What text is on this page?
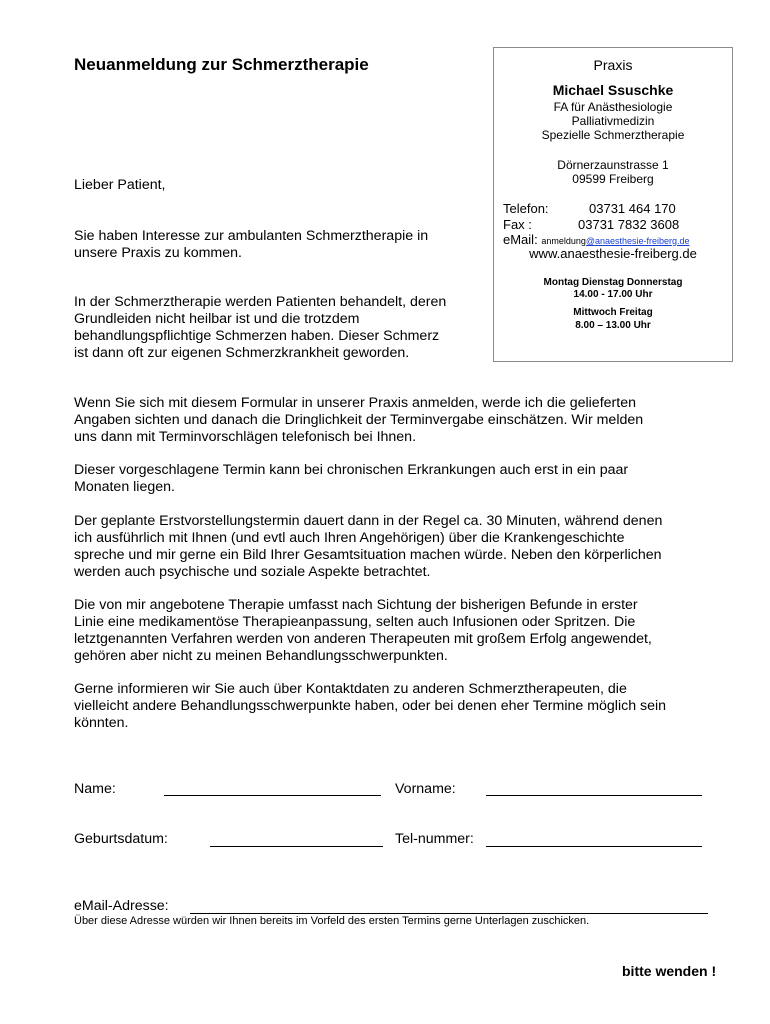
Neuanmeldung zur Schmerztherapie	Praxis
Michael Ssuschke
FA für Anästhesiologie
Palliativmedizin
Spezielle Schmerztherapie
Dörnerzaunstrasse 1
09599 Freiberg
Telefon:	03731 464 170
Fax :	03731 7832 3608
eMail: anmeldung@anaesthesie-freiberg.de
www.anaesthesie-freiberg.de
Montag Dienstag Donnerstag
14.00 - 17.00 Uhr
Mittwoch Freitag
8.00 – 13.00 Uhr
Lieber Patient,
Sie haben Interesse zur ambulanten Schmerztherapie in
unsere Praxis zu kommen.
In der Schmerztherapie werden Patienten behandelt, deren
Grundleiden nicht heilbar ist und die trotzdem
behandlungspflichtige Schmerzen haben. Dieser Schmerz
ist dann oft zur eigenen Schmerzkrankheit geworden.
Wenn Sie sich mit diesem Formular in unserer Praxis anmelden, werde ich die gelieferten
Angaben sichten und danach die Dringlichkeit der Terminvergabe einschätzen. Wir melden
uns dann mit Terminvorschlägen telefonisch bei Ihnen.
Dieser vorgeschlagene Termin kann bei chronischen Erkrankungen auch erst in ein paar
Monaten liegen.
Der geplante Erstvorstellungstermin dauert dann in der Regel ca. 30 Minuten, während denen
ich ausführlich mit Ihnen (und evtl auch Ihren Angehörigen) über die Krankengeschichte
spreche und mir gerne ein Bild Ihrer Gesamtsituation machen würde. Neben den körperlichen
werden auch psychische und soziale Aspekte betrachtet.
Die von mir angebotene Therapie umfasst nach Sichtung der bisherigen Befunde in erster
Linie eine medikamentöse Therapieanpassung, selten auch Infusionen oder Spritzen. Die
letztgenannten Verfahren werden von anderen Therapeuten mit großem Erfolg angewendet,
gehören aber nicht zu meinen Behandlungsschwerpunkten.
Gerne informieren wir Sie auch über Kontaktdaten zu anderen Schmerztherapeuten, die
vielleicht andere Behandlungsschwerpunkte haben, oder bei denen eher Termine möglich sein
könnten.
Name:	Vorname:
Geburtsdatum:	Tel-nummer:
eMail-Adresse:
Über diese Adresse würden wir Ihnen bereits im Vorfeld des ersten Termins gerne Unterlagen zuschicken.
bitte wenden !
